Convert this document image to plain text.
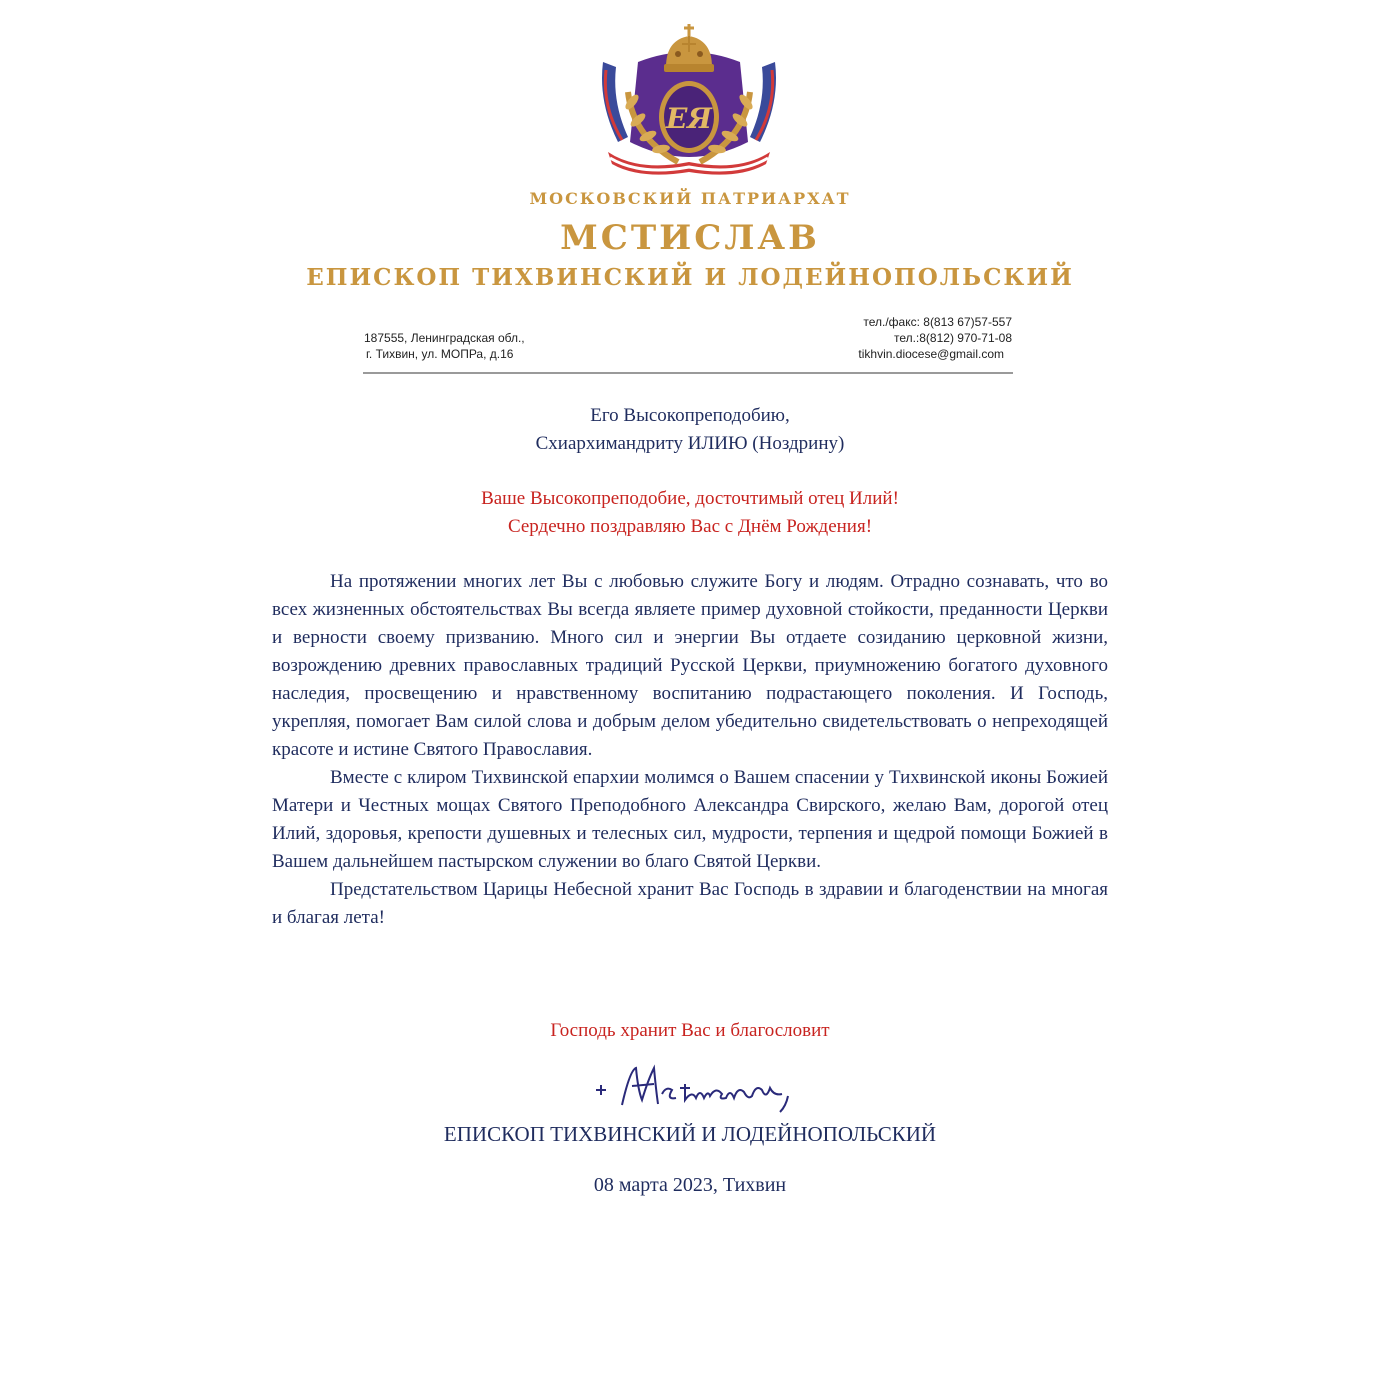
ЕЯ
МОСКОВСКИЙ ПАТРИАРХАТ
МСТИСЛАВ
ЕПИСКОП ТИХВИНСКИЙ И ЛОДЕЙНОПОЛЬСКИЙ
187555, Ленинградская обл.,
г. Тихвин, ул. МОПРа, д.16
тел./факс: 8(813 67)57-557
тел.:8(812) 970-71-08
tikhvin.diocese@gmail.com
Его Высокопреподобию,
Схиархимандриту ИЛИЮ (Ноздрину)
Ваше Высокопреподобие, досточтимый отец Илий!
Сердечно поздравляю Вас с Днём Рождения!

На протяжении многих лет Вы с любовью служите Богу и людям. Отрадно сознавать, что во всех жизненных обстоятельствах Вы всегда являете пример духовной стойкости, преданности Церкви и верности своему призванию. Много сил и энергии Вы отдаете созиданию церковной жизни, возрождению древних православных традиций Русской Церкви, приумножению богатого духовного наследия, просвещению и нравственному воспитанию подрастающего поколения. И Господь, укрепляя, помогает Вам силой слова и добрым делом убедительно свидетельствовать о непреходящей красоте и истине Святого Православия.

Вместе с клиром Тихвинской епархии молимся о Вашем спасении у Тихвинской иконы Божией Матери и Честных мощах Святого Преподобного Александра Свирского, желаю Вам, дорогой отец Илий, здоровья, крепости душевных и телесных сил, мудрости, терпения и щедрой помощи Божией в Вашем дальнейшем пастырском служении во благо Святой Церкви.

Предстательством Царицы Небесной хранит Вас Господь в здравии и благоденствии на многая и благая лета!

Господь хранит Вас и благословит
ЕПИСКОП ТИХВИНСКИЙ И ЛОДЕЙНОПОЛЬСКИЙ
08 марта 2023, Тихвин
